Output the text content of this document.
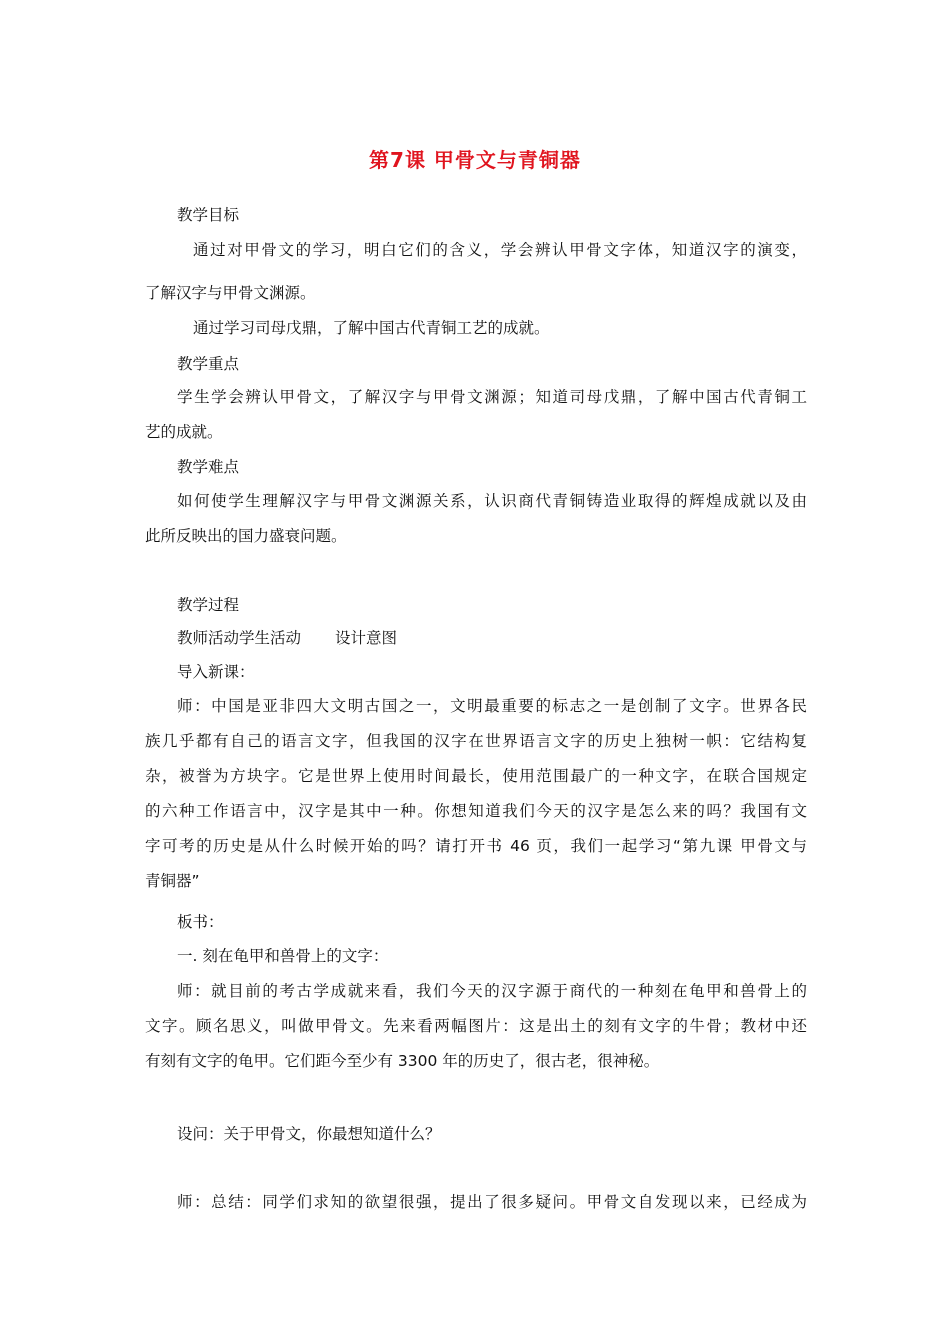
第7课 甲骨文与青铜器
教学目标
通过对甲骨文的学习，明白它们的含义，学会辨认甲骨文字体，知道汉字的演变，
了解汉字与甲骨文渊源。
通过学习司母戊鼎，了解中国古代青铜工艺的成就。
教学重点
学生学会辨认甲骨文，了解汉字与甲骨文渊源；知道司母戊鼎，了解中国古代青铜工
艺的成就。
教学难点
如何使学生理解汉字与甲骨文渊源关系，认识商代青铜铸造业取得的辉煌成就以及由
此所反映出的国力盛衰问题。
教学过程
教师活动学生活动 设计意图
导入新课：
师：中国是亚非四大文明古国之一，文明最重要的标志之一是创制了文字。世界各民
族几乎都有自己的语言文字，但我国的汉字在世界语言文字的历史上独树一帜：它结构复
杂，被誉为方块字。它是世界上使用时间最长，使用范围最广的一种文字，在联合国规定
的六种工作语言中，汉字是其中一种。你想知道我们今天的汉字是怎么来的吗？我国有文
字可考的历史是从什么时候开始的吗？请打开书 46 页，我们一起学习“第九课 甲骨文与
青铜器”
板书：
一. 刻在龟甲和兽骨上的文字：
师：就目前的考古学成就来看，我们今天的汉字源于商代的一种刻在龟甲和兽骨上的
文字。顾名思义，叫做甲骨文。先来看两幅图片：这是出土的刻有文字的牛骨；教材中还
有刻有文字的龟甲。它们距今至少有 3300 年的历史了，很古老，很神秘。
设问：关于甲骨文，你最想知道什么？
师：总结：同学们求知的欲望很强，提出了很多疑问。甲骨文自发现以来，已经成为
